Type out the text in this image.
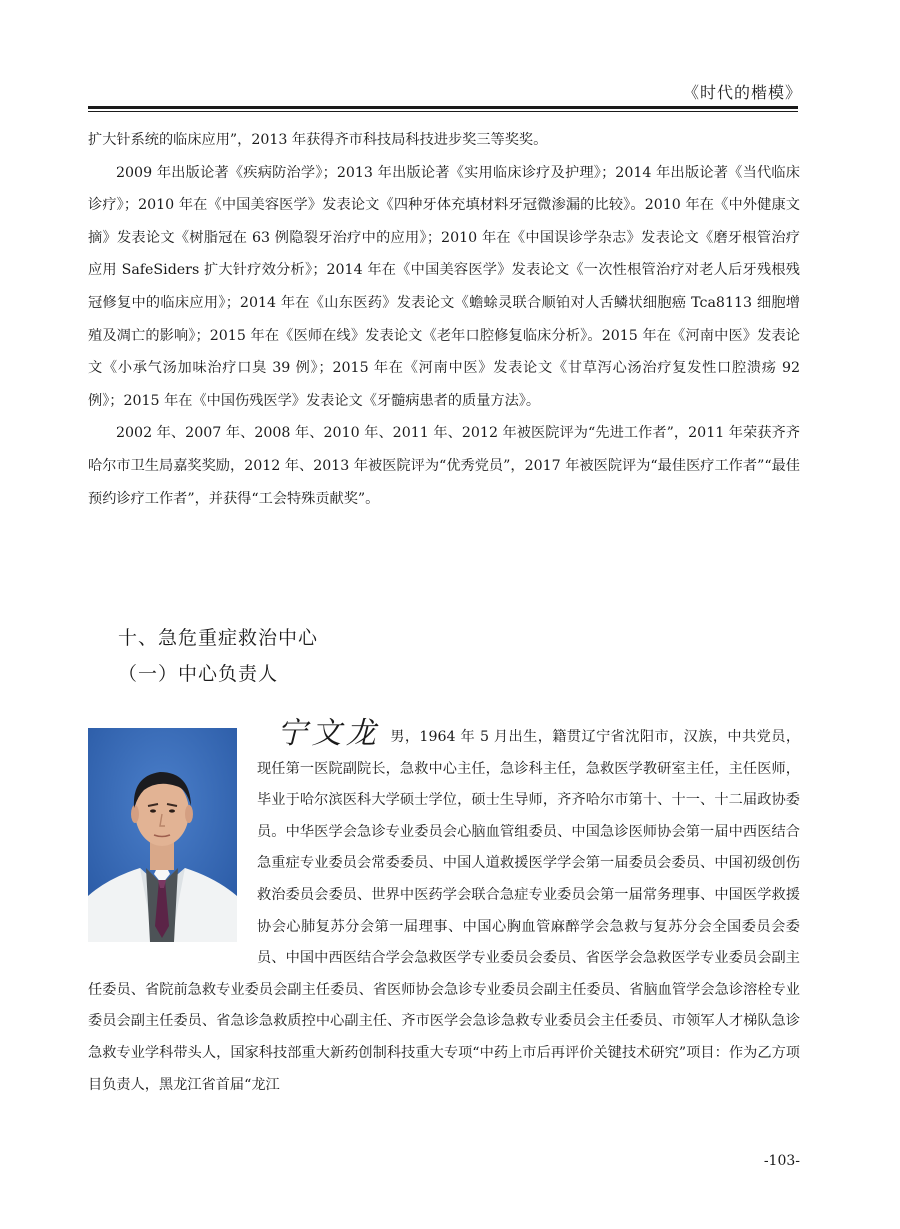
《时代的楷模》

扩大针系统的临床应用”，2013 年获得齐市科技局科技进步奖三等奖奖。

2009 年出版论著《疾病防治学》；2013 年出版论著《实用临床诊疗及护理》；2014 年出版论著《当代临床诊疗》；2010 年在《中国美容医学》发表论文《四种牙体充填材料牙冠微渗漏的比较》。2010 年在《中外健康文摘》发表论文《树脂冠在 63 例隐裂牙治疗中的应用》；2010 年在《中国误诊学杂志》发表论文《磨牙根管治疗应用 SafeSiders 扩大针疗效分析》；2014 年在《中国美容医学》发表论文《一次性根管治疗对老人后牙残根残冠修复中的临床应用》；2014 年在《山东医药》发表论文《蟾蜍灵联合顺铂对人舌鳞状细胞癌 Tca8113 细胞增殖及凋亡的影响》；2015 年在《医师在线》发表论文《老年口腔修复临床分析》。2015 年在《河南中医》发表论文《小承气汤加味治疗口臭 39 例》；2015 年在《河南中医》发表论文《甘草泻心汤治疗复发性口腔溃疡 92 例》；2015 年在《中国伤残医学》发表论文《牙髓病患者的质量方法》。

2002 年、2007 年、2008 年、2010 年、2011 年、2012 年被医院评为“先进工作者”，2011 年荣获齐齐哈尔市卫生局嘉奖奖励，2012 年、2013 年被医院评为“优秀党员”，2017 年被医院评为“最佳医疗工作者”“最佳预约诊疗工作者”，并获得“工会特殊贡献奖”。

十、急危重症救治中心
（一）中心负责人
宁文龙 男，1964 年 5 月出生，籍贯辽宁省沈阳市，汉族，中共党员，现任第一医院副院长，急救中心主任，急诊科主任，急救医学教研室主任，主任医师，毕业于哈尔滨医科大学硕士学位，硕士生导师，齐齐哈尔市第十、十一、十二届政协委员。中华医学会急诊专业委员会心脑血管组委员、中国急诊医师协会第一届中西医结合急重症专业委员会常委委员、中国人道救援医学学会第一届委员会委员、中国初级创伤救治委员会委员、世界中医药学会联合急症专业委员会第一届常务理事、中国医学救援协会心肺复苏分会第一届理事、中国心胸血管麻醉学会急救与复苏分会全国委员会委员、中国中西医结合学会急救医学专业委员会委员、省医学会急救医学专业委员会副主任委员、省院前急救专业委员会副主任委员、省医师协会急诊专业委员会副主任委员、省脑血管学会急诊溶栓专业委员会副主任委员、省急诊急救质控中心副主任、齐市医学会急诊急救专业委员会主任委员、市领军人才梯队急诊急救专业学科带头人，国家科技部重大新药创制科技重大专项“中药上市后再评价关键技术研究”项目：作为乙方项目负责人，黑龙江省首届“龙江
-103-
